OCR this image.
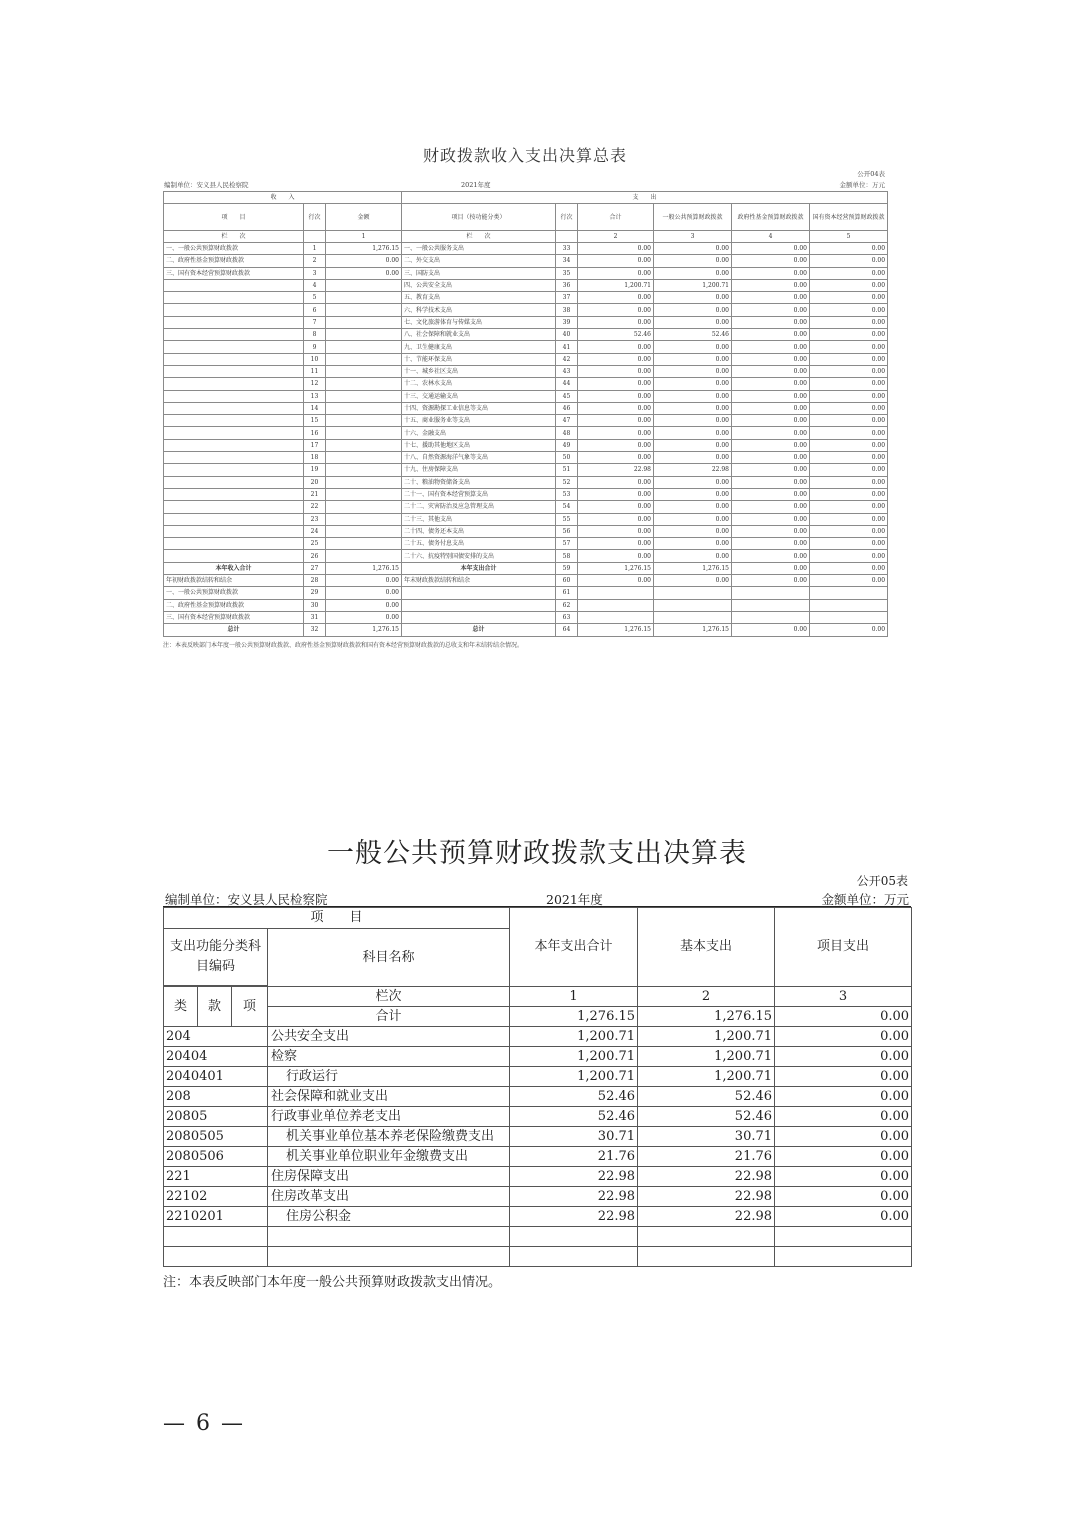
财政拨款收入支出决算总表
公开04表
编制单位：安义县人民检察院	2021年度	金额单位：万元
收　　入			支　　出					
项　　目	行次	金额	项目（按功能分类）	行次	合计	一般公共预算财政拨款	政府性基金预算财政拨款	国有资本经营预算财政拨款
栏　　次		1	栏　　次		2	3	4	5
一、一般公共预算财政拨款	1	1,276.15	一、一般公共服务支出	33	0.00	0.00	0.00	0.00
二、政府性基金预算财政拨款	2	0.00	二、外交支出	34	0.00	0.00	0.00	0.00
三、国有资本经营预算财政拨款	3	0.00	三、国防支出	35	0.00	0.00	0.00	0.00
	4		四、公共安全支出	36	1,200.71	1,200.71	0.00	0.00
	5		五、教育支出	37	0.00	0.00	0.00	0.00
	6		六、科学技术支出	38	0.00	0.00	0.00	0.00
	7		七、文化旅游体育与传媒支出	39	0.00	0.00	0.00	0.00
	8		八、社会保障和就业支出	40	52.46	52.46	0.00	0.00
	9		九、卫生健康支出	41	0.00	0.00	0.00	0.00
	10		十、节能环保支出	42	0.00	0.00	0.00	0.00
	11		十一、城乡社区支出	43	0.00	0.00	0.00	0.00
	12		十二、农林水支出	44	0.00	0.00	0.00	0.00
	13		十三、交通运输支出	45	0.00	0.00	0.00	0.00
	14		十四、资源勘探工业信息等支出	46	0.00	0.00	0.00	0.00
	15		十五、商业服务业等支出	47	0.00	0.00	0.00	0.00
	16		十六、金融支出	48	0.00	0.00	0.00	0.00
	17		十七、援助其他地区支出	49	0.00	0.00	0.00	0.00
	18		十八、自然资源海洋气象等支出	50	0.00	0.00	0.00	0.00
	19		十九、住房保障支出	51	22.98	22.98	0.00	0.00
	20		二十、粮油物资储备支出	52	0.00	0.00	0.00	0.00
	21		二十一、国有资本经营预算支出	53	0.00	0.00	0.00	0.00
	22		二十二、灾害防治及应急管理支出	54	0.00	0.00	0.00	0.00
	23		二十三、其他支出	55	0.00	0.00	0.00	0.00
	24		二十四、债务还本支出	56	0.00	0.00	0.00	0.00
	25		二十五、债务付息支出	57	0.00	0.00	0.00	0.00
	26		二十六、抗疫特别国债安排的支出	58	0.00	0.00	0.00	0.00
本年收入合计	27	1,276.15	本年支出合计	59	1,276.15	1,276.15	0.00	0.00
年初财政拨款结转和结余	28	0.00	年末财政拨款结转和结余	60	0.00	0.00	0.00	0.00
一、一般公共预算财政拨款	29	0.00		61				
二、政府性基金预算财政拨款	30	0.00		62				
三、国有资本经营预算财政拨款	31	0.00		63				
总计	32	1,276.15	总计	64	1,276.15	1,276.15	0.00	0.00
注：本表反映部门本年度一般公共预算财政拨款、政府性基金预算财政拨款和国有资本经营预算财政拨款的总收支和年末结转结余情况。
一般公共预算财政拨款支出决算表
公开05表
编制单位：安义县人民检察院	2021年度	金额单位：万元
项　　目				本年支出合计	基本支出	项目支出
支出功能分类科目编码			科目名称			

类	款	项	栏次	1	2	3
			合计	1,276.15	1,276.15	0.00
204			公共安全支出	1,200.71	1,200.71	0.00
20404			检察	1,200.71	1,200.71	0.00
2040401			行政运行	1,200.71	1,200.71	0.00
208			社会保障和就业支出	52.46	52.46	0.00
20805			行政事业单位养老支出	52.46	52.46	0.00
2080505			机关事业单位基本养老保险缴费支出	30.71	30.71	0.00
2080506			机关事业单位职业年金缴费支出	21.76	21.76	0.00
221			住房保障支出	22.98	22.98	0.00
22102			住房改革支出	22.98	22.98	0.00
2210201			住房公积金	22.98	22.98	0.00

注：本表反映部门本年度一般公共预算财政拨款支出情况。
— 6 —
